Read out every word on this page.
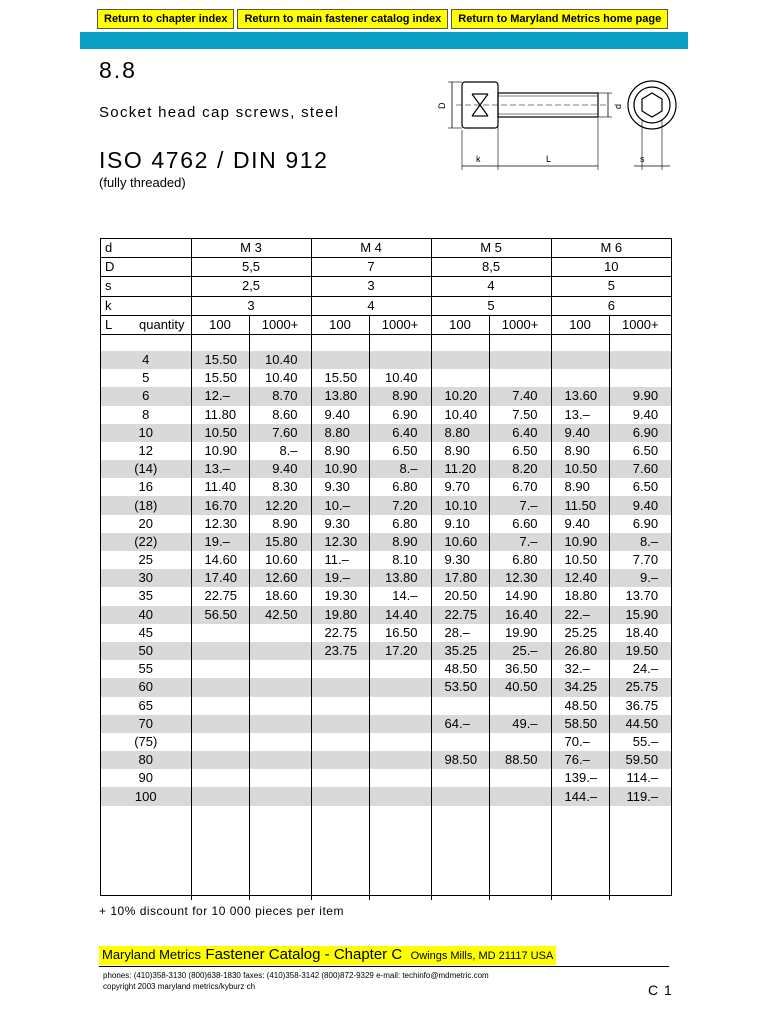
Return to chapter index	Return to main fastener catalog index	Return to Maryland Metrics home page
8.8
Socket head cap screws, steel
ISO 4762 / DIN 912
(fully threaded)
D	d
k	L	s
d	M 3		M 4		M 5		M 6	
D	5,5		7		8,5		10	
s	2,5		3		4		5	
k	3		4		5		6	
L quantity	100	1000+	100	1000+	100	1000+	100	1000+

4	15.50	10.40						
5	15.50	10.40	15.50	10.40				
6	12.–	8.70	13.80	8.90	10.20	7.40	13.60	9.90
8	11.80	8.60	9.40	6.90	10.40	7.50	13.–	9.40
10	10.50	7.60	8.80	6.40	8.80	6.40	9.40	6.90
12	10.90	8.–	8.90	6.50	8.90	6.50	8.90	6.50
(14)	13.–	9.40	10.90	8.–	11.20	8.20	10.50	7.60
16	11.40	8.30	9.30	6.80	9.70	6.70	8.90	6.50
(18)	16.70	12.20	10.–	7.20	10.10	7.–	11.50	9.40
20	12.30	8.90	9.30	6.80	9.10	6.60	9.40	6.90
(22)	19.–	15.80	12.30	8.90	10.60	7.–	10.90	8.–
25	14.60	10.60	11.–	8.10	9.30	6.80	10.50	7.70
30	17.40	12.60	19.–	13.80	17.80	12.30	12.40	9.–
35	22.75	18.60	19.30	14.–	20.50	14.90	18.80	13.70
40	56.50	42.50	19.80	14.40	22.75	16.40	22.–	15.90
45			22.75	16.50	28.–	19.90	25.25	18.40
50			23.75	17.20	35.25	25.–	26.80	19.50
55					48.50	36.50	32.–	24.–
60					53.50	40.50	34.25	25.75
65							48.50	36.75
70					64.–	49.–	58.50	44.50
(75)							70.–	55.–
80					98.50	88.50	76.–	59.50
90							139.–	114.–
100							144.–	119.–

+ 10% discount for 10 000 pieces per item
Maryland Metrics Fastener Catalog - Chapter C Owings Mills, MD 21117 USA
phones: (410)358-3130 (800)638-1830 faxes: (410)358-3142 (800)872-9329 e-mail: techinfo@mdmetric.com
copyright 2003 maryland metrics/kyburz ch	C 1
